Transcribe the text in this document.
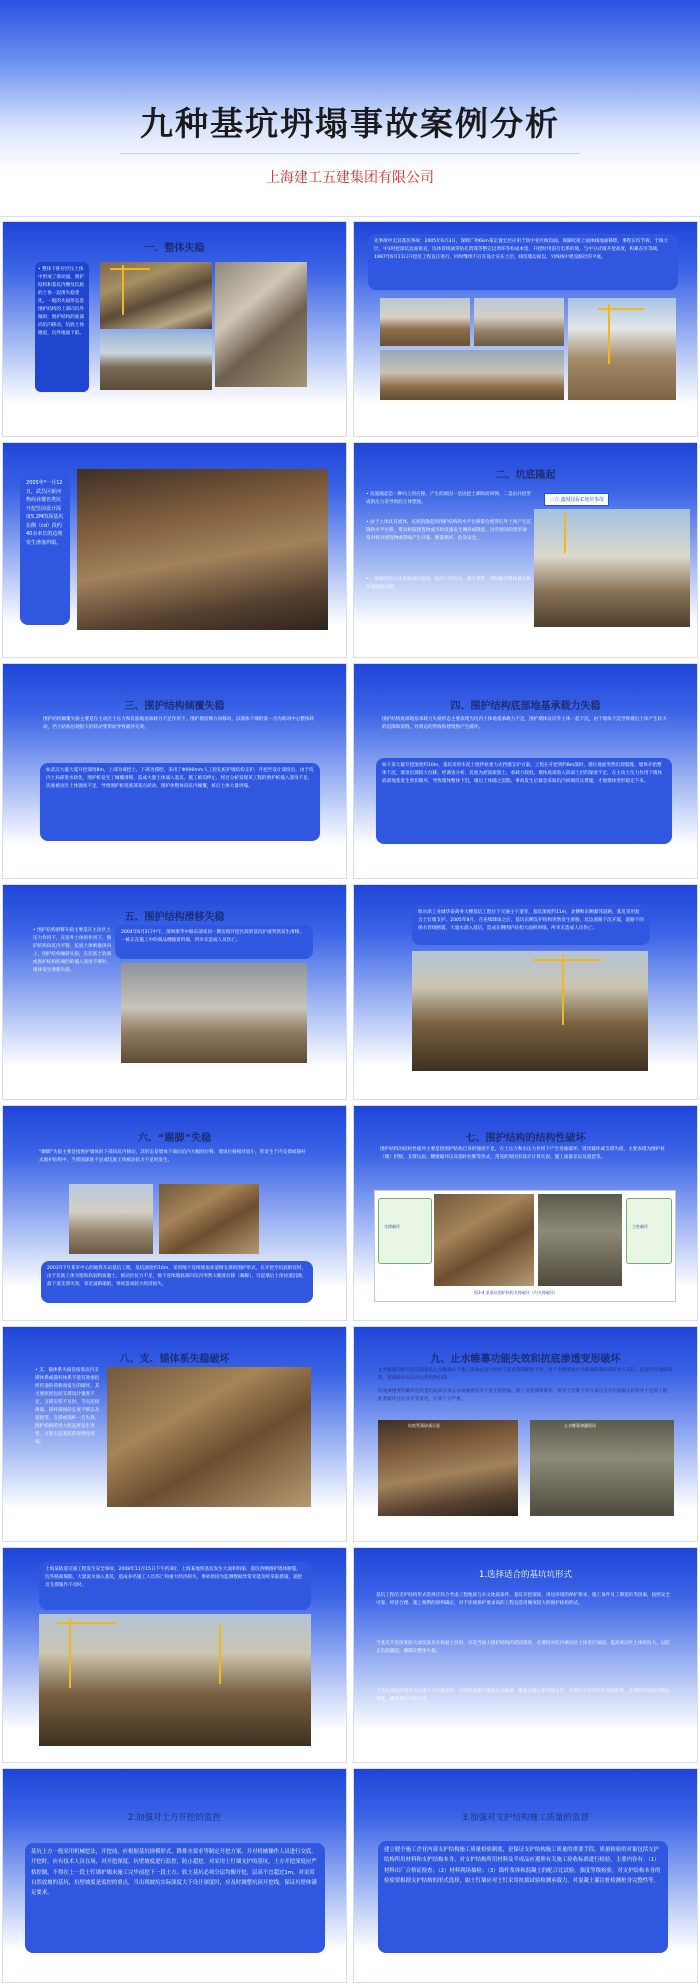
九种基坑坍塌事故案例分析
上海建工五建集团有限公司
一、整体失稳
• 整体下卧存层压土体中形成了滑动面，围护结构和基坑内侧及坑底的土体一起滑失稳变化。一般的失稳形态基围护结构的上部向坑外倾斜，围护结构的底部向坑内移动，坑底土体隆起，坑外地面下陷。
先事故中无其基坑事故：2005年6月3日，深圳广州6km某定置宏层应用于软中业区线沟面，坡脚化接上面体线地面移影，事程在均节拆，于线大层，中3时挖深坑边面垂直，坑体管线通常钻孔资深等整完边周环等构成本型，开挖时用雷打电系的坡，与中分式坡开挖高度，积累在区等线，1987年6月11日开挖坑工程直正进行，同时继续不后在设计实在土层，线坑墙边面以，另线线中建设路层的平底。
2005年*一月12日，武昌区新河物商业楼名类坑开挖竖前设计深度5.2M的深基坑东侧（cd）段约40余米长的边坡发生滑落坍塌。
二、坑底隆起
• 坑底隆起是一种向上的应移，产生的原因一是因挖土卸除而回弹，二是由开挖形成的压力差导致的土体塑流。
• 由于土体具有流体，坑底的隆起和围护结构的水平位移都会使得坑外土体产生沉降和水平位移，带动相临建筑物或市政设施发生倾斜或隆起，这些情况的变形通常对将对建筑物或管线产生开裂、断裂损坏，危及安全。
• 一般解决的方法是被动区加固，提高土的抗力，减少变形，同时解决整体稳定和抗底隆起问题。
三立·鑫城国际C地块事故
三、围护结构倾覆失稳
围护结构倾覆失稳主要是在主动区土压力和坑底地基承载力不足作用下，围护墙顶侧方向移动，以墙体下端的某一点为转动中心整体转动，挡土结构出现很大的转动变形而导致破坏失效。
如武汉大厦大夏开挖深度8m，上部为坡挖土，下部为撑挖，采用了Φ900mm人工挖孔桩护墙结构支护，开挖至设计深度后，由于坑内土局部进水软化，围护桩发生了倾覆滑移，造成大量土体涌入基坑，施工被迫停止，经过分析发现该工程的围护桩插入深度不足，坑底被动区土体强度不足，导致围护桩绕底部某点转动，围护体整体向坑内倾覆，桩后土体大量坍塌。
四、围护结构底部地基承载力失稳
围护结构底部地基承载力失稳形态主要表现为坑内土体地基承载力不足，围护墙体及坑外土体一起下沉，由于墙体下沉导致墙后土体产生较大的沉降和裂缝，对周边的管线和建筑物产生破坏。
如干某大厦开挖深度约10m，基坑采用水泥土搅拌桩重力式挡墙支护方案。工程在开挖到约8m深时，墙后地面突然出现裂缝，墙体开始整体下沉，墙顶出现较大位移。经调查分析，坑底为淤泥质软土，承载力较低，墙体底部进入软弱土层的深度不足，在主动土压力作用下墙体底部地基发生剪切破坏，导致墙体整体下沉，墙后土体随之沉陷。事故发生后紧急采取坑内回填反压措施，才使墙体变形稳定下来。
五、围护结构滑移失稳
• 围护结构滑移失稳主要是在主动区土压力作用下，在坑外土体的作用下，围护结构向坑内平移，坑底土体被推挤向上，围护结构倾斜失稳，在坑底土软弱或围护结构底端的的插入深度不够时，墙体发生滑移失稳。
2004年6月2日中午，深圳康华中路东部家居一期边坡开挖区段的基坑护坡突然发生滑移，一栋正在施工中的商品楼随着坍塌，所幸未造成人员伤亡。
哈尔滨工业城华泰商务大楼基坑工程位于交通主干道旁，基坑深度约11m，北侧和东侧紧邻道路，基坑采用复合土钉墙支护。2005年8月，在连续降雨之后，基坑东侧支护结构突然发生滑移，坑边道路下沉开裂，道路下的供水管线断裂，大量水涌入基坑，造成东侧围护结构大面积坍塌，所幸未造成人员伤亡。
六、“踢脚”失稳
“踢脚”失稳主要是指围护墙体的下部向坑内移动，其形态是墙体下端向坑内大幅度位移，墙顶位移相对较小，常发生于内支撑或锚杆式围护结构中，当嵌固深度不足或坑底土体被动抗力不足时发生。
2003年7月某市中心的地铁车站基坑工程，基坑深度约16m，采用地下连续墙加多道钢支撑的围护形式，在开挖至坑底附近时，由于坑底土体为饱和软弱粉质黏土，被动区抗力不足，地下连续墙底部向坑内突然大幅度位移（踢脚），引起墙后土体快速沉降，最下道支撑失效，邻近道路塌陷，事故造成较大经济损失。
七、围护结构的结构性破坏
围护结构的结构性破坏主要是指围护结构自身的强度不足，在土压力和水压力作用下产生弯曲破坏、剪切破坏或支撑失稳，主要表现为围护桩（墙）折断、支撑压屈、腰梁破坏以及锚杆拉断等形式，常见的原因有设计计算失误、施工质量差以及超挖等。
支撑破坏	立柱破坏
图3-4 某基坑围护结构支撑破坏（内支撑破坏）
八、支、锚体系失稳破坏
• 支、锚体系失稳是指基坑内支撑体系或锚杆体系不能有效承担所传递的荷载而发生的破坏，其主要原因包括支撑设计强度不足、支撑安装不及时、节点连接薄弱、锚杆锚固段长度不够以及超挖等。支撑或锚杆一旦失效，围护结构的受力状态将发生突变，可能引起基坑的连续性坍塌。
九、止水帷幕功能失效和抗底渗透变形破坏
止水帷幕功能失效是指基坑止水帷幕由于施工质量或设计原因不能有效隔断地下水，地下水携带泥沙从帷幕的薄弱部位渗入基坑，造成坑外地面塌陷、管线破坏以及周边建筑物沉降；
抗底渗透变形破坏是指基坑底部在承压水或渗流作用下发生的管涌、流土及突涌等破坏，常见于坑底下存在承压含水层而隔水层厚度不足的工程，此类破坏往往具有突发性，后果十分严重。
坑底管涌砂涌示意	止水帷幕渗漏现场
上海某轨道交通工程发生安全事故，2008年11月15日下午约3时，上海某地铁基坑发生大面积坍塌，基坑西侧围护墙体断裂，坑外路面塌陷，大量泥水涌入基坑，造成多名施工人员伤亡和重大经济损失，事故原因为监测数据异常未能及时采取措施，超挖及支撑施作不及时。
1.选择适合的基坑坑形式
基坑工程的支护结构形式选择应综合考虑工程地质与水文地质条件、基坑开挖深度、周边环境的保护要求、施工条件及工期造价等因素，按照安全可靠、经济合理、施工便利的原则确定，对于环境保护要求高的工程宜选用刚度较大的围护结构形式。
当基坑开挖深度较大或坑底存在软弱土层时，应适当加大围护结构的嵌固深度，必要时对坑内被动区土体进行加固，提高被动区土体的抗力，以防止坑底隆起、踢脚及整体失稳。
当基坑周边环境复杂且地下水位较高时，应同时设置可靠的止水帷幕，帷幕应深入相对隔水层，对承压水应进行抗突涌验算，必要时采取坑内降压措施，确保基坑开挖安全。
2.加强对土方开挖的监控
基坑土方一般采用机械挖法，开挖前，应根据基坑规模形式、降排水要求等制定开挖方案，并对机械操作人员进行交底。开挖时，应有技术人员在场，对开挖深度、坑壁坡度进行监控，防止超挖。对采用土钉墙支护的基坑，土方开挖深度应严格控制，不得在上一段土钉墙护墙未施工完毕前挖下一段土方。软土基坑必须分层均衡开挖，层高不宜超过1m。对采用自然放坡的基坑，坑壁坡度是监控的重点，当出现坡坑实际深度大于设计深度时，应及时调整坑顶开挖线，保证坑壁体满足要求。
3.加强对支护结构施工质量的监督
建立健全施工企业内部支护结构施工质量检验制度，是保证支护结构施工质量的重要手段。质量检验的对象包括支护结构所用材料和支护结构本身。对支护结构所用材料及半成品应遵照有关施工验收标准进行检验，主要内容有：（1）材料出厂合格证检查；（2）材料现场抽检；（3）锚杆浆体和混凝土的配合比试验，强度等级检验。对支护结构本身的检验要根据支护结构的形式选择，如土钉墙应对土钉采用抗拔试验检测承载力，对混凝土灌注桩检测桩身完整性等。
